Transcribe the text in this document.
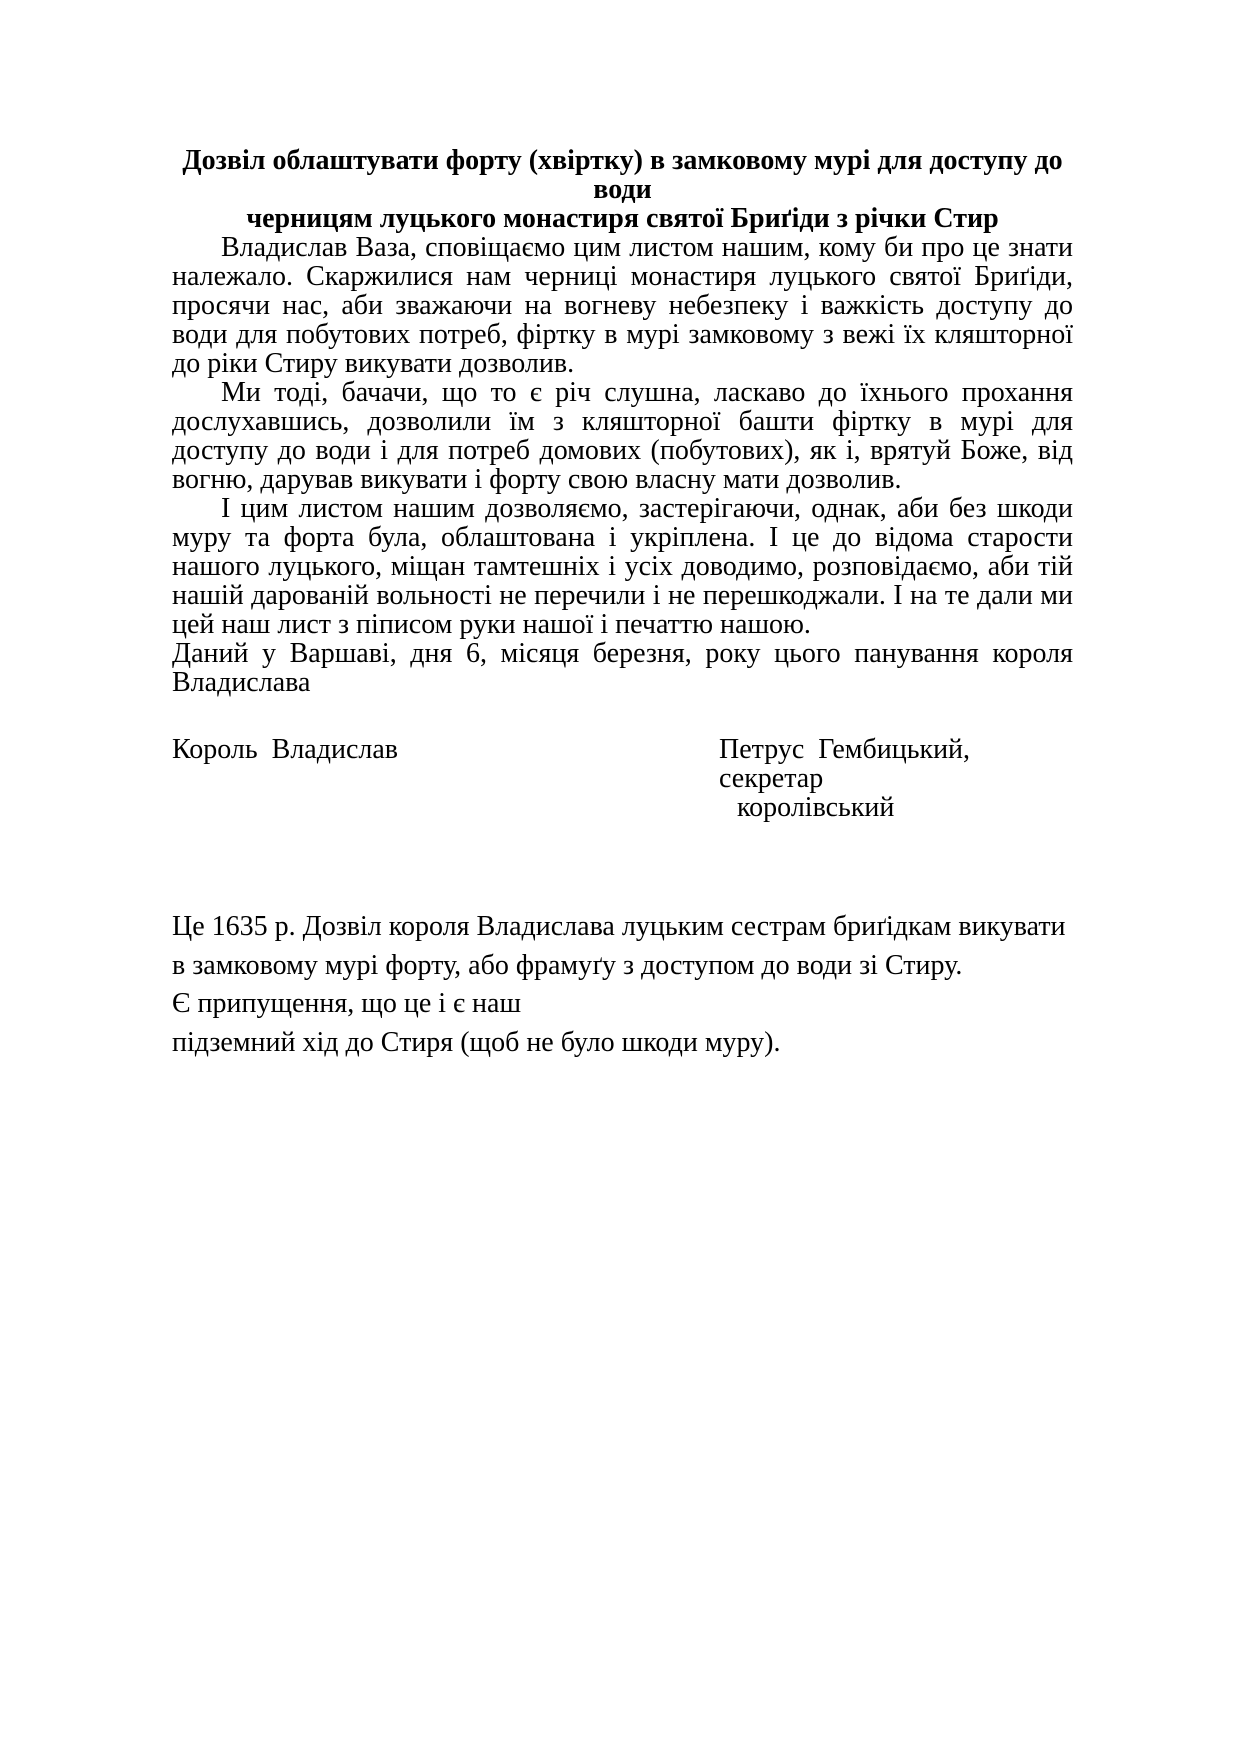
Дозвіл облаштувати форту (хвіртку) в замковому мурі для доступу до води
черницям луцького монастиря святої Бриґіди з річки Стир

Владислав Ваза, сповіщаємо цим листом нашим, кому би про це знати належало. Скаржилися нам черниці монастиря луцького святої Бриґіди, просячи нас, аби зважаючи на вогневу небезпеку і важкість доступу до води для побутових потреб, фіртку в мурі замковому з вежі їх кляшторної до ріки Стиру викувати дозволив.

Ми тоді, бачачи, що то є річ слушна, ласкаво до їхнього прохання дослухавшись, дозволили їм з кляшторної башти фіртку в мурі для доступу до води і для потреб домових (побутових), як і, врятуй Боже, від вогню, дарував викувати і форту свою власну мати дозволив.

І цим листом нашим дозволяємо, застерігаючи, однак, аби без шкоди муру та форта була, облаштована і укріплена. І це до відома старости нашого луцького, міщан тамтешніх і усіх доводимо, розповідаємо, аби тій нашій дарованій вольності не перечили і не перешкоджали. І на те дали ми цей наш лист з піписом руки нашої і печаттю нашою.

Даний у Варшаві, дня 6, місяця березня, року цього панування короля Владислава

Король Владислав	Петрус Гембицький, секретар
королівський

Це 1635 р. Дозвіл короля Владислава луцьким сестрам бриґідкам викувати в замковому мурі форту, або фрамуґу з доступом до води зі Стиру.

Є припущення, що це і є наш

підземний хід до Стиря (щоб не було шкоди муру).
